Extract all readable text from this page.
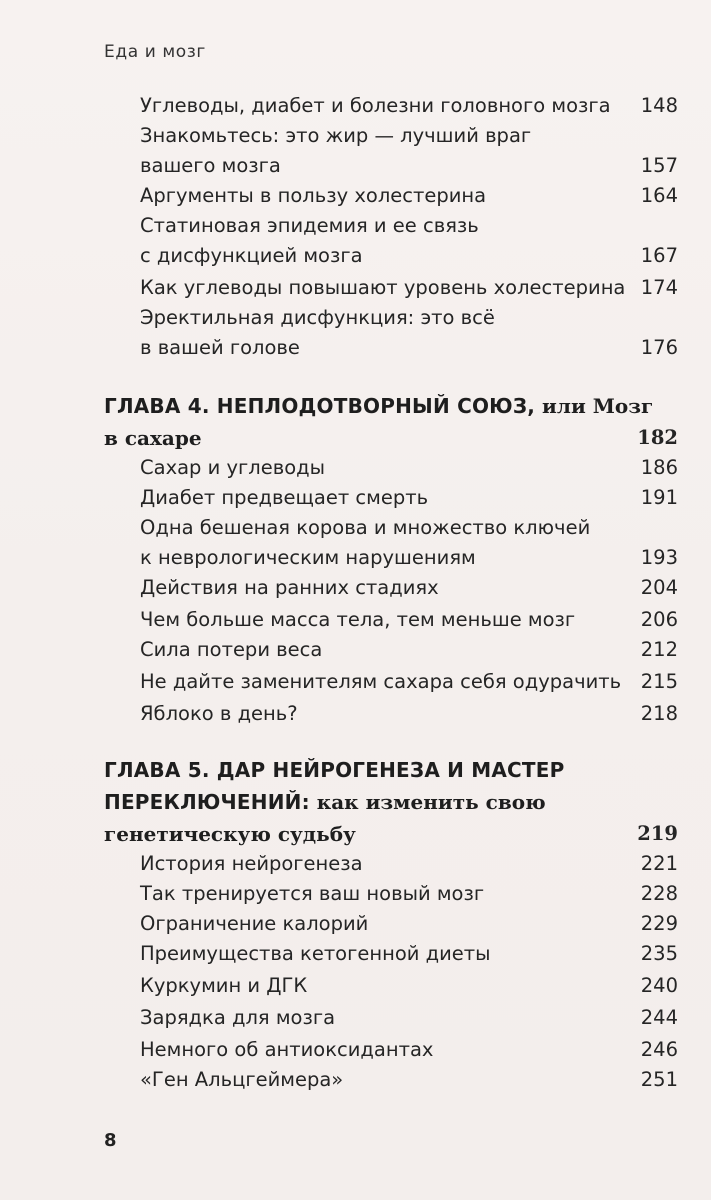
Еда и мозг
Углеводы, диабет и болезни головного мозга 148
Знакомьтесь: это жир — лучший враг
вашего мозга	157
Аргументы в пользу холестерина	164
Статиновая эпидемия и ее связь
с дисфункцией мозга	167
Как углеводы повышают уровень холестерина 174
Эректильная дисфункция: это всё
в вашей голове	176
ГЛАВА 4. НЕПЛОДОТВОРНЫЙ СОЮЗ, или Мозг
в сахаре	182
Сахар и углеводы	186
Диабет предвещает смерть	191
Одна бешеная корова и множество ключей
к неврологическим нарушениям	193
Действия на ранних стадиях	204
Чем больше масса тела, тем меньше мозг	206
Сила потери веса	212
Не дайте заменителям сахара себя одурачить 215
Яблоко в день?	218
ГЛАВА 5. ДАР НЕЙРОГЕНЕЗА И МАСТЕР
ПЕРЕКЛЮЧЕНИЙ: как изменить свою
генетическую судьбу	219
История нейрогенеза	221
Так тренируется ваш новый мозг	228
Ограничение калорий	229
Преимущества кетогенной диеты	235
Куркумин и ДГК	240
Зарядка для мозга	244
Немного об антиоксидантах	246
«Ген Альцгеймера»	251
8
